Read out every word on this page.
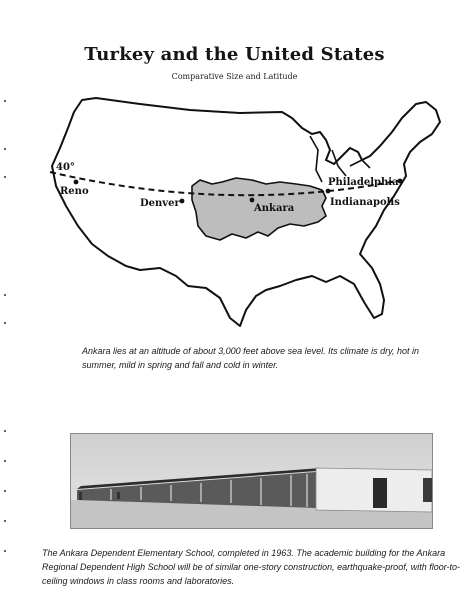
Turkey and the United States
Comparative Size and Latitude
40°
Reno
Denver	Ankara
Philadelphia
Indianapolis
Ankara lies at an altitude of about 3,000 feet above sea level. Its climate is dry, hot in summer, mild in spring and fall and cold in winter.
The Ankara Dependent Elementary School, completed in 1963. The academic building for the Ankara Regional Dependent High School will be of similar one-story construction, earthquake-proof, with floor-to-ceiling windows in class rooms and laboratories.
